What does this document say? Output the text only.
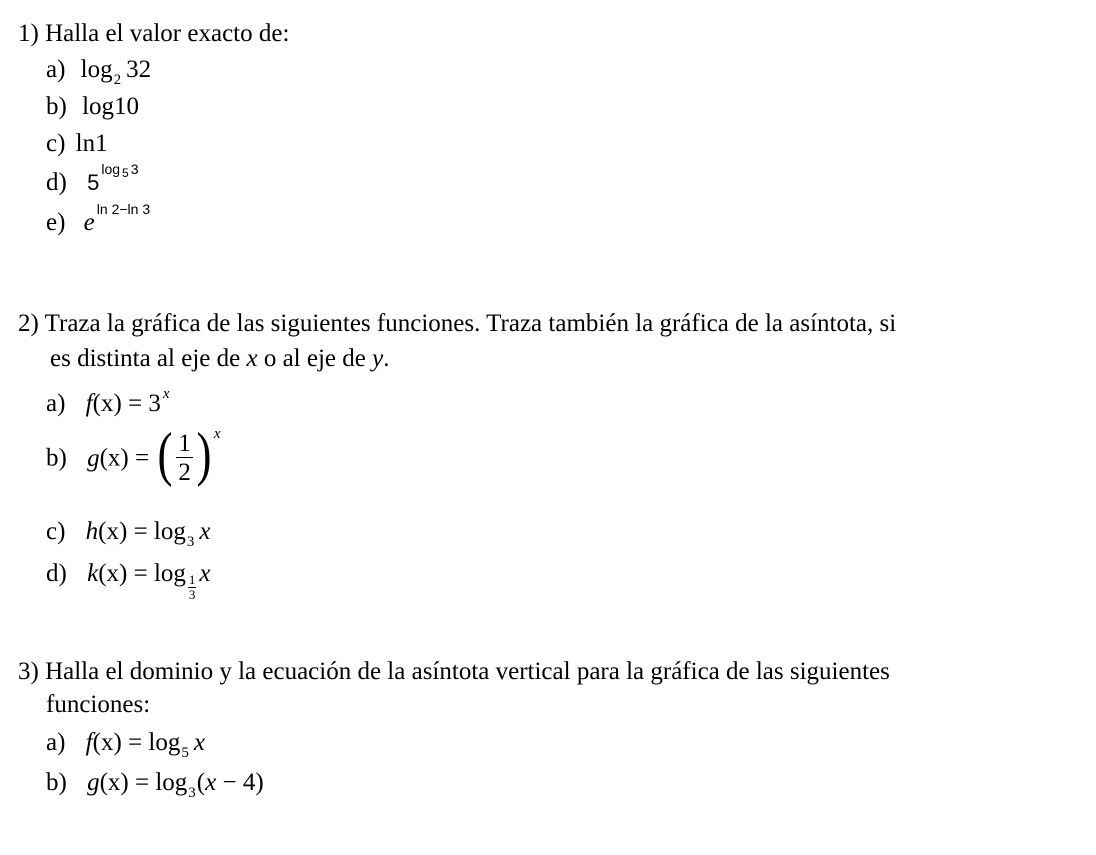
1) Halla el valor exacto de:
a) $\log_2 32$
b) log10
c) ln1
d) $5^{log 5 3}$
e) e $^{ln 2-ln 3}$
2) Traza la gráfica de las siguientes funciones. Traza también la gráfica de la asíntota, si
es distinta al eje de x o al eje de y.
a) f(x) = 3 $^x$
b) g(x) = ( $\frac{1}{2}$ ) $^x$
c) $h(x) = \log_3 x$
d) $k(x) = \log \frac{1}{3}$ x
3) Halla el dominio y la ecuación de la asíntota vertical para la gráfica de las siguientes
funciones:
a) $f(x) = \log_5 x$
b) $g(x) = \log_3(x - 4)$
